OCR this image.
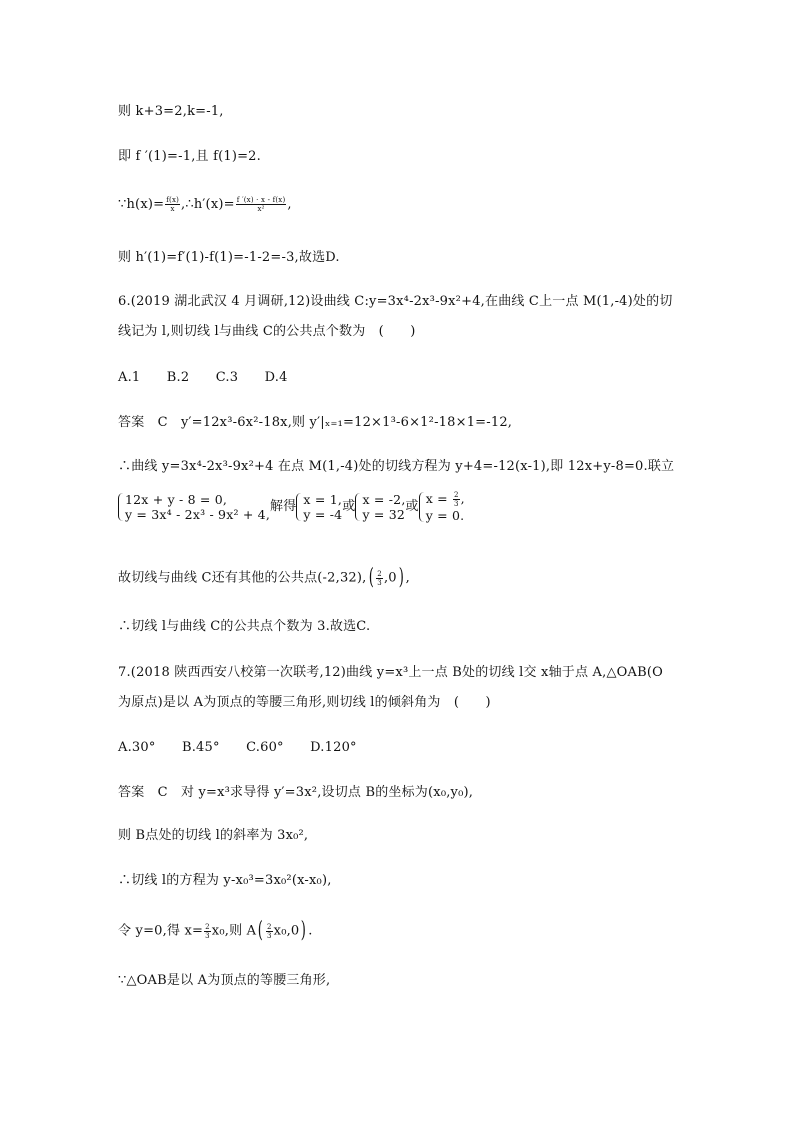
则 k+3=2,k=-1,
即 f ′(1)=-1,且 f(1)=2.
∵h(x)= $\frac{f(x)}{x}$ ,∴h′(x)= $\frac{f '(x) \cdot x - f(x)}{\text{x²}}$ ,
则 h′(1)=f′(1)-f(1)=-1-2=-3,故选D.
6.(2019 湖北武汉 4 月调研,12)设曲线 C:y=3x⁴-2x³-9x²+4,在曲线 C上一点 M(1,-4)处的切
线记为 l,则切线 l与曲线 C的公共点个数为　(　　)
A.1　　B.2　　C.3　　D.4
答案　C　y′=12x³-6x²-18x,则 y′|ₓ₌₁=12×1³-6×1²-18×1=-12,
∴曲线 y=3x⁴-2x³-9x²+4 在点 M(1,-4)处的切线方程为 y+4=-12(x-1),即 12x+y-8=0.联立
12x + y - 8 = 0,
y = 3x⁴ - 2x³ - 9x² + 4, 解得 x = 1,
y = -4 或 x = -2,
y = 32 或
$x = \frac{2}{3}$ ,
y = 0.
故切线与曲线 C还有其他的公共点$(-2,32),( \frac{2}{3} ,0)$ ,
∴切线 l与曲线 C的公共点个数为 3.故选C.
7.(2018 陕西西安八校第一次联考,12)曲线 y=x³上一点 B处的切线 l交 x轴于点 A,△OAB(O
为原点)是以 A为顶点的等腰三角形,则切线 l的倾斜角为　(　　)
A.30°　　B.45°　　C.60°　　D.120°
答案　C　对 y=x³求导得 y′=3x²,设切点 B的坐标为(x₀,y₀),
则 B点处的切线 l的斜率为 3x₀²,
∴切线 l的方程为 y-x₀³=3x₀²(x-x₀),
令 y=0,得 $x= \frac{2}{3} x_0$,则 $A( \frac{2}{3} x_0,0)$ .
∵△OAB是以 A为顶点的等腰三角形,
